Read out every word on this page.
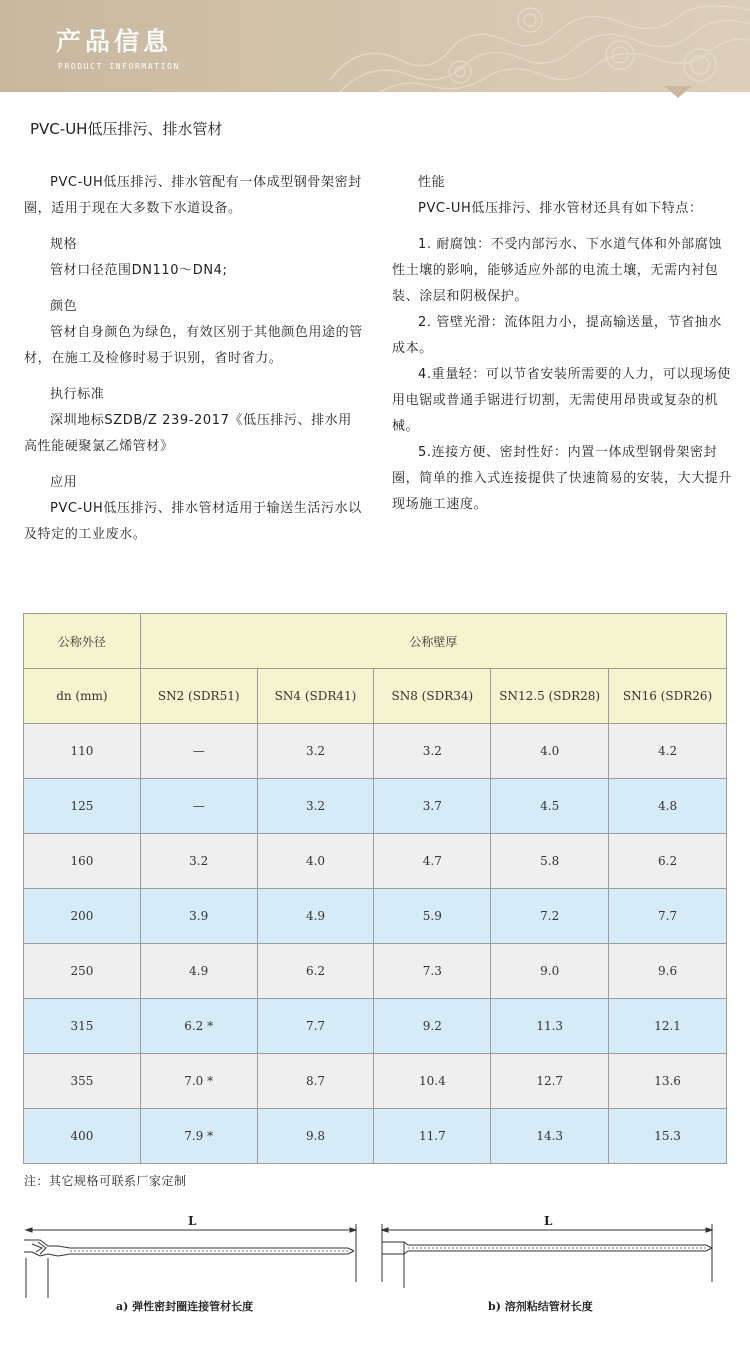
产品信息
PRODUCT INFORMATION
PVC-UH低压排污、排水管材

PVC-UH低压排污、排水管配有一体成型钢骨架密封圈，适用于现在大多数下水道设备。

规格

管材口径范围DN110～DN4;

颜色

管材自身颜色为绿色，有效区别于其他颜色用途的管材，在施工及检修时易于识别，省时省力。

执行标准

深圳地标SZDB/Z 239-2017《低压排污、排水用高性能硬聚氯乙烯管材》

应用

PVC-UH低压排污、排水管材适用于输送生活污水以及特定的工业废水。

性能

PVC-UH低压排污、排水管材还具有如下特点：

1. 耐腐蚀：不受内部污水、下水道气体和外部腐蚀性土壤的影响，能够适应外部的电流土壤，无需内衬包装、涂层和阴极保护。

2. 管壁光滑：流体阻力小，提高输送量，节省抽水成本。

4.重量轻：可以节省安装所需要的人力，可以现场使用电锯或普通手锯进行切割，无需使用昂贵或复杂的机械。

5.连接方便、密封性好：内置一体成型钢骨架密封圈，简单的推入式连接提供了快速简易的安装，大大提升现场施工速度。

公称外径	公称壁厚				
dn (mm)	SN2 (SDR51)	SN4 (SDR41)	SN8 (SDR34)	SN12.5 (SDR28)	SN16 (SDR26)
110	—	3.2	3.2	4.0	4.2
125	—	3.2	3.7	4.5	4.8
160	3.2	4.0	4.7	5.8	6.2
200	3.9	4.9	5.9	7.2	7.7
250	4.9	6.2	7.3	9.0	9.6
315	6.2 *	7.7	9.2	11.3	12.1
355	7.0 *	8.7	10.4	12.7	13.6
400	7.9 *	9.8	11.7	14.3	15.3
注：其它规格可联系厂家定制
L
a) 弹性密封圈连接管材长度
L
b) 溶剂粘结管材长度
